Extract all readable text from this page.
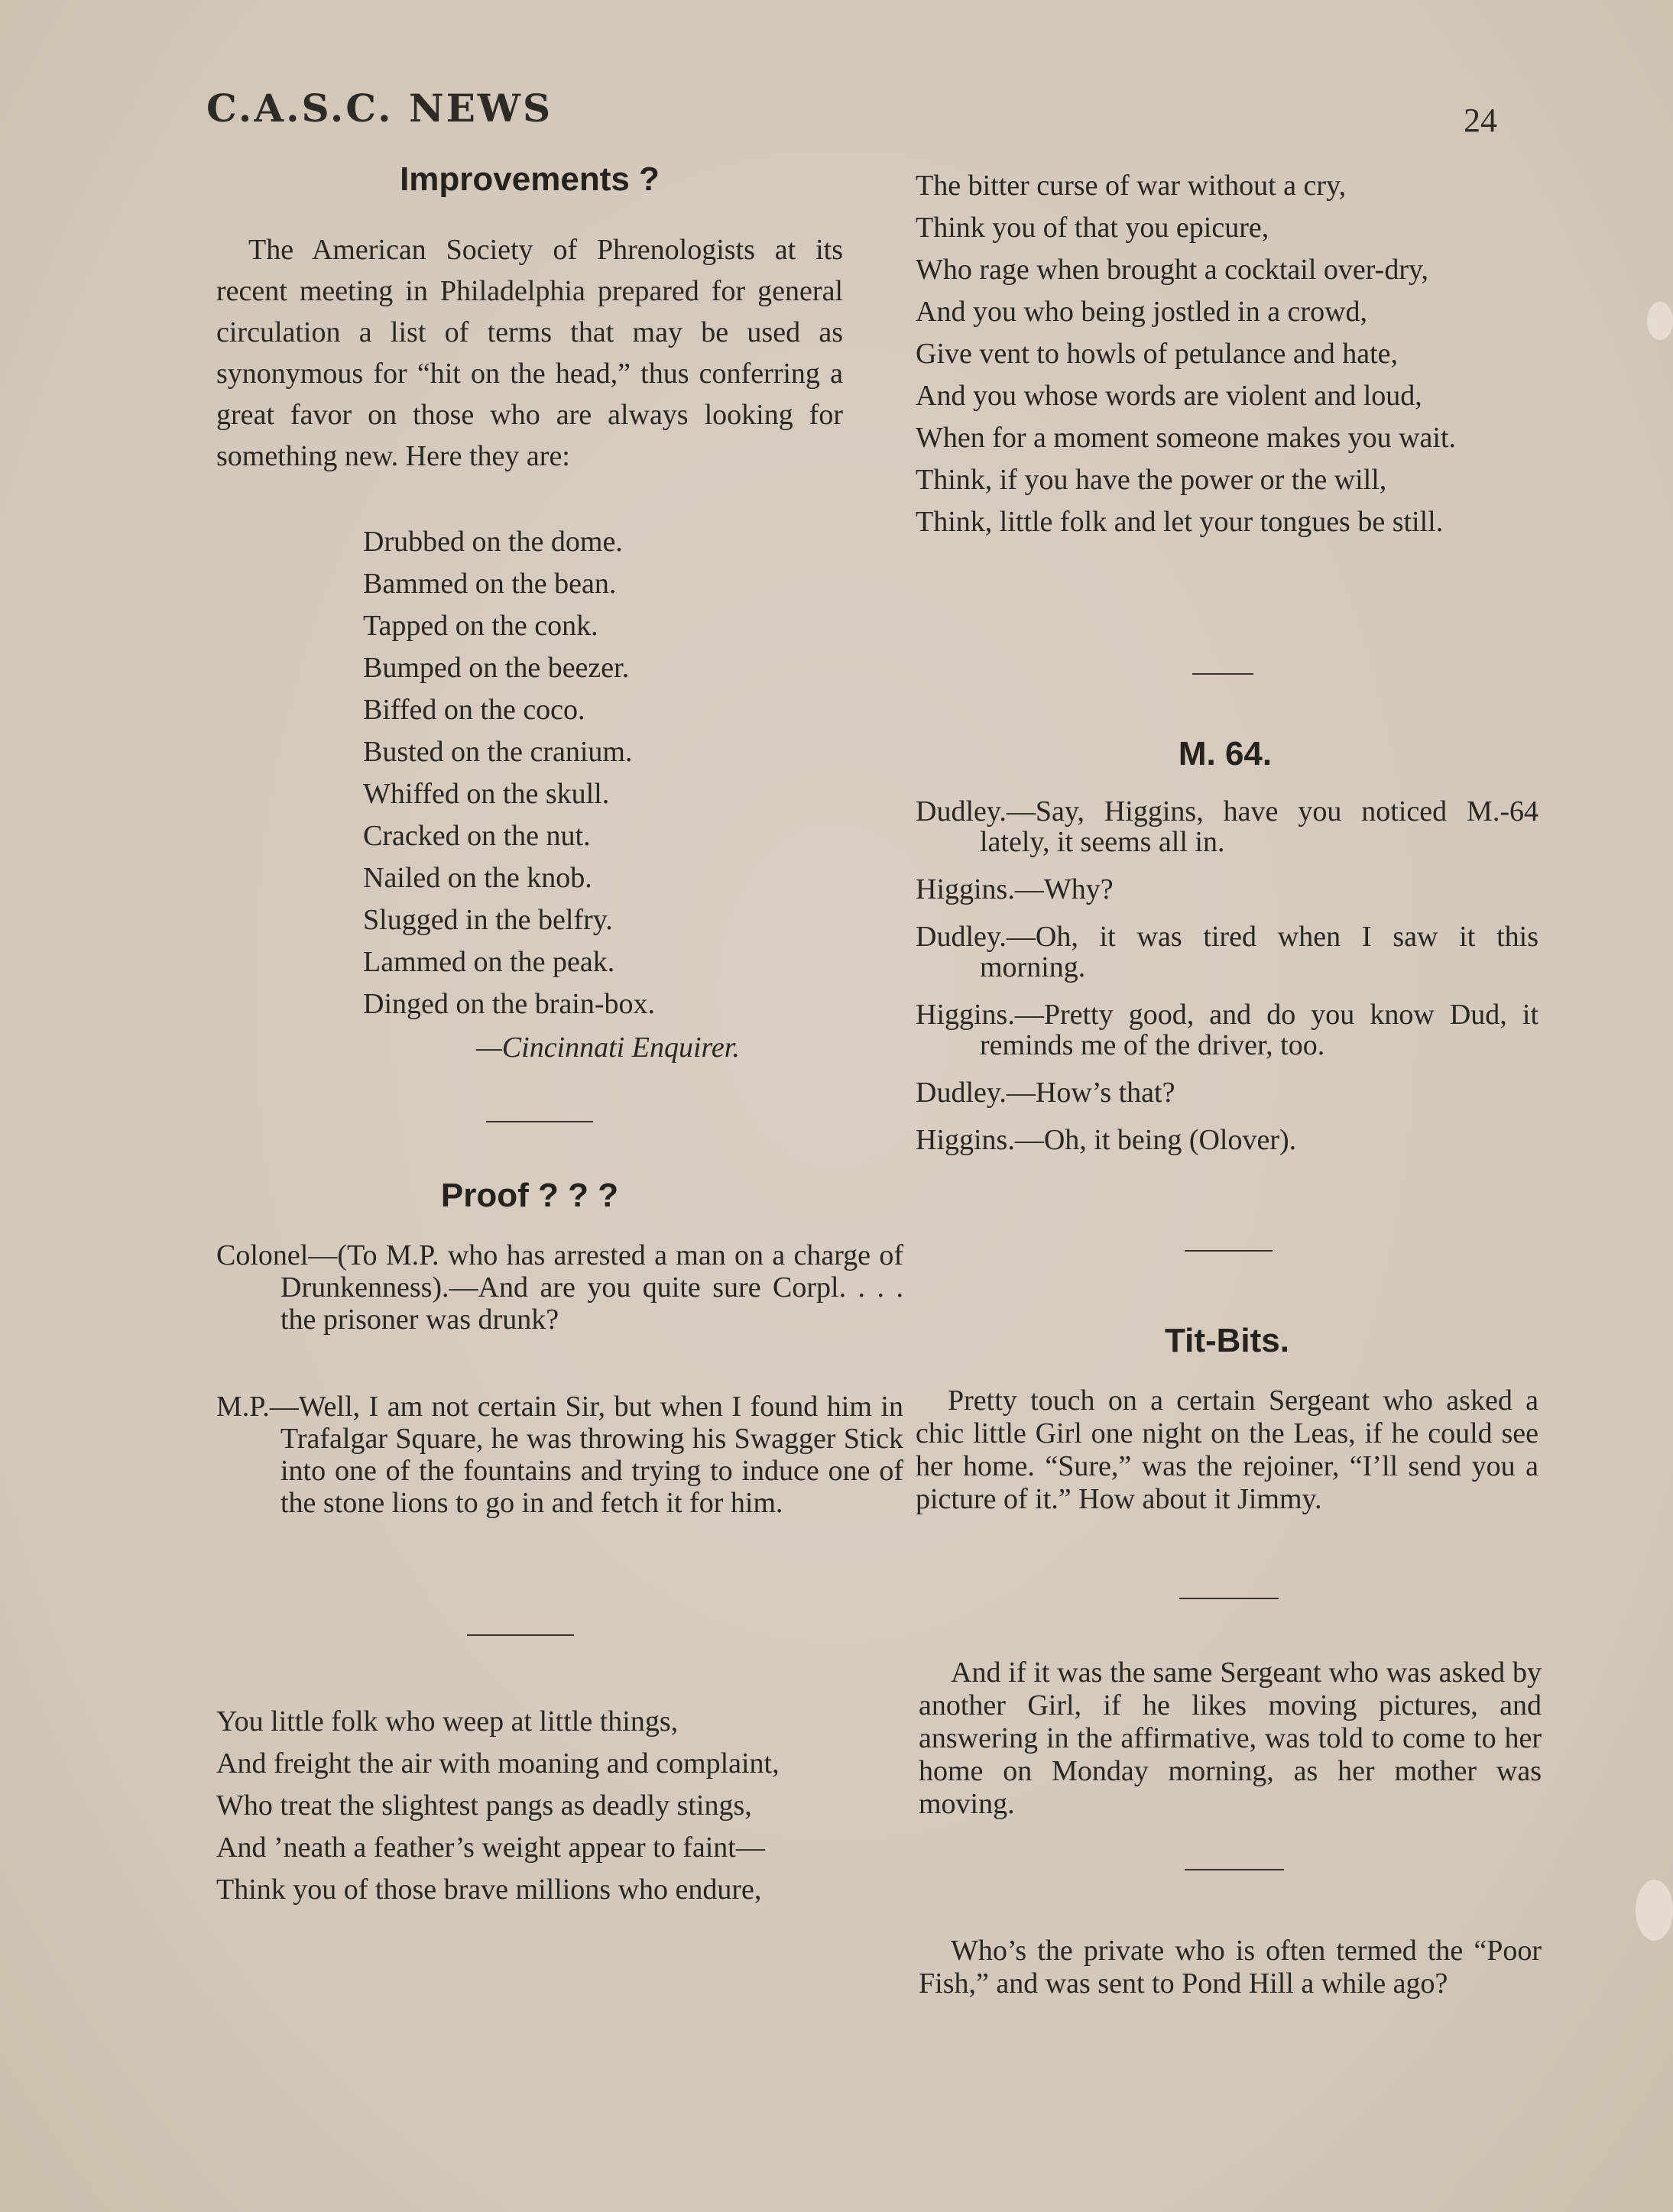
C.A.S.C. NEWS	24
Improvements ?
The American Society of Phrenologists at its recent meeting in Philadelphia prepared for general circulation a list of terms that may be used as synonymous for “hit on the head,” thus conferring a great favor on those who are always looking for something new. Here they are:
Drubbed on the dome.
Bammed on the bean.
Tapped on the conk.
Bumped on the beezer.
Biffed on the coco.
Busted on the cranium.
Whiffed on the skull.
Cracked on the nut.
Nailed on the knob.
Slugged in the belfry.
Lammed on the peak.
Dinged on the brain-box.
—Cincinnati Enquirer.
Proof ? ? ?
Colonel—(To M.P. who has arrested a man on a charge of Drunkenness).—And are you quite sure Corpl. . . . the prisoner was drunk?
M.P.—Well, I am not certain Sir, but when I found him in Trafalgar Square, he was throwing his Swagger Stick into one of the fountains and trying to induce one of the stone lions to go in and fetch it for him.
You little folk who weep at little things,
And freight the air with moaning and complaint,
Who treat the slightest pangs as deadly stings,
And ’neath a feather’s weight appear to faint—
Think you of those brave millions who endure,
The bitter curse of war without a cry,
Think you of that you epicure,
Who rage when brought a cocktail over-dry,
And you who being jostled in a crowd,
Give vent to howls of petulance and hate,
And you whose words are violent and loud,
When for a moment someone makes you wait.
Think, if you have the power or the will,
Think, little folk and let your tongues be still.
M. 64.
Dudley.—Say, Higgins, have you noticed M.-64 lately, it seems all in.
Higgins.—Why?
Dudley.—Oh, it was tired when I saw it this morning.
Higgins.—Pretty good, and do you know Dud, it reminds me of the driver, too.
Dudley.—How’s that?
Higgins.—Oh, it being (Olover).
Tit-Bits.
Pretty touch on a certain Sergeant who asked a chic little Girl one night on the Leas, if he could see her home. “Sure,” was the rejoiner, “I’ll send you a picture of it.” How about it Jimmy.
And if it was the same Sergeant who was asked by another Girl, if he likes moving pictures, and answering in the affirmative, was told to come to her home on Monday morning, as her mother was moving.
Who’s the private who is often termed the “Poor Fish,” and was sent to Pond Hill a while ago?
